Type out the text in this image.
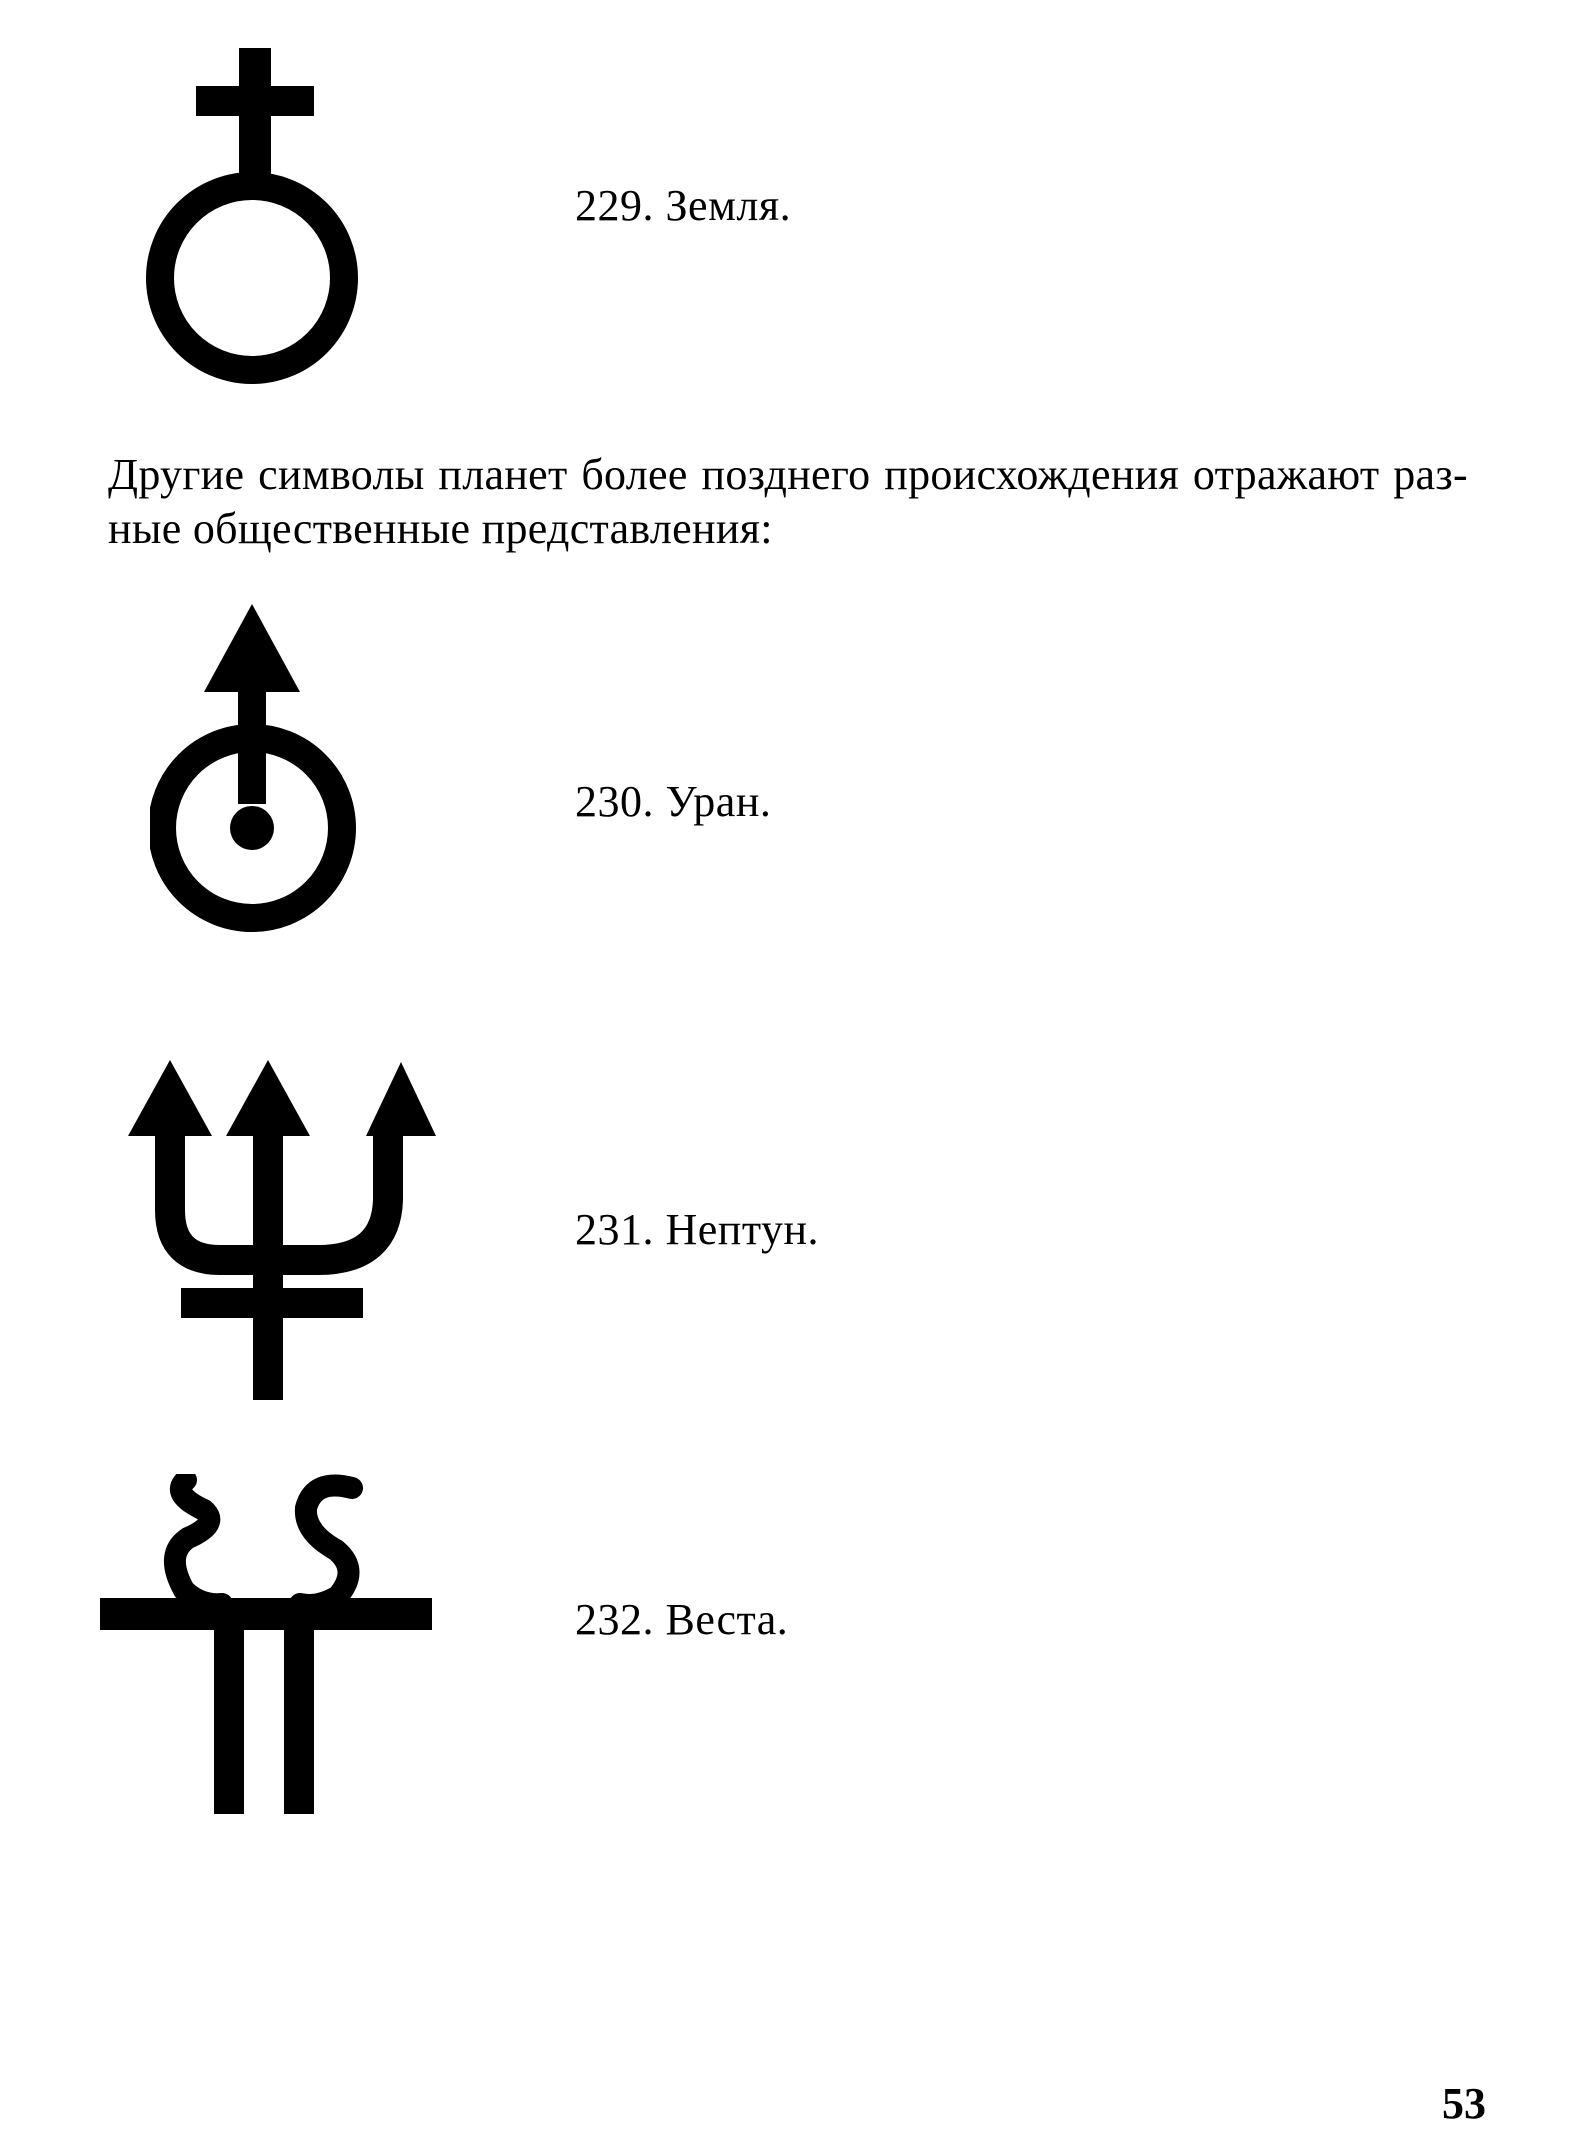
229. Земля.
Другие символы планет более позднего происхождения отражают раз-
ные общественные представления:
230. Уран.
231. Нептун.
232. Веста.
53
